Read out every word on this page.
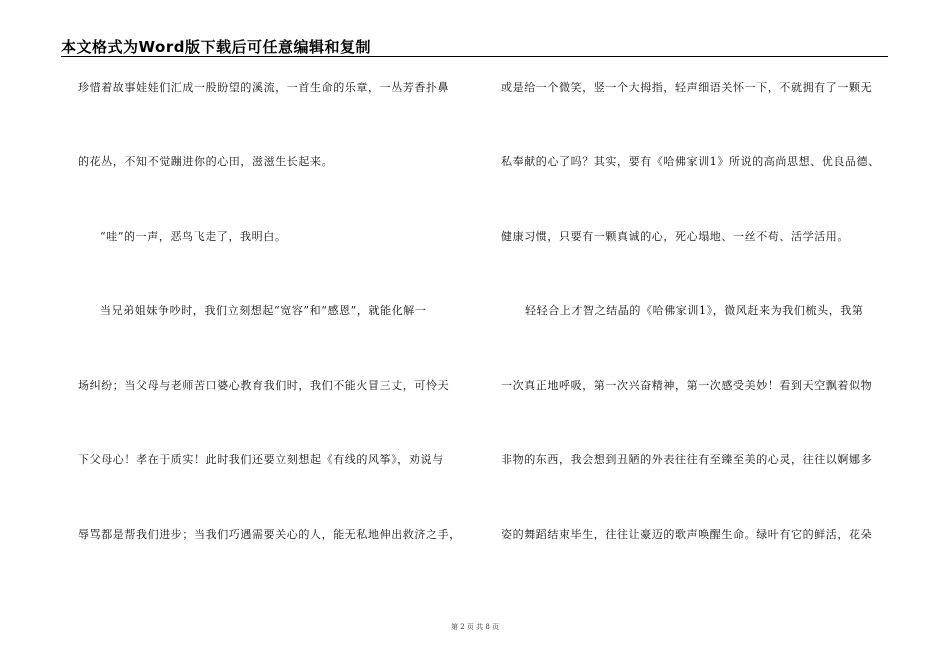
本文格式为Word版下载后可任意编辑和复制
珍惜着故事娃娃们汇成一股盼望的溪流，一首生命的乐章，一丛芳香扑鼻
的花丛，不知不觉蹦进你的心田，滋滋生长起来。
“哇”的一声，恶鸟飞走了，我明白。
当兄弟姐妹争吵时，我们立刻想起“宽容”和“感恩”，就能化解一
场纠纷；当父母与老师苦口婆心教育我们时，我们不能火冒三丈，可怜天
下父母心！孝在于质实！此时我们还要立刻想起《有线的风筝》，劝说与
辱骂都是帮我们进步；当我们巧遇需要关心的人，能无私地伸出救济之手，
或是给一个微笑，竖一个大拇指，轻声细语关怀一下，不就拥有了一颗无
私奉献的心了吗？其实，要有《哈佛家训1》所说的高尚思想、优良品德、
健康习惯，只要有一颗真诚的心，死心塌地、一丝不苟、活学活用。
轻轻合上才智之结晶的《哈佛家训1》，微风赶来为我们梳头，我第
一次真正地呼吸，第一次兴奋精神，第一次感受美妙！看到天空飘着似物
非物的东西，我会想到丑陋的外表往往有至臻至美的心灵，往往以婀娜多
姿的舞蹈结束毕生，往往让豪迈的歌声唤醒生命。绿叶有它的鲜活，花朵
第 2 页 共 8 页
